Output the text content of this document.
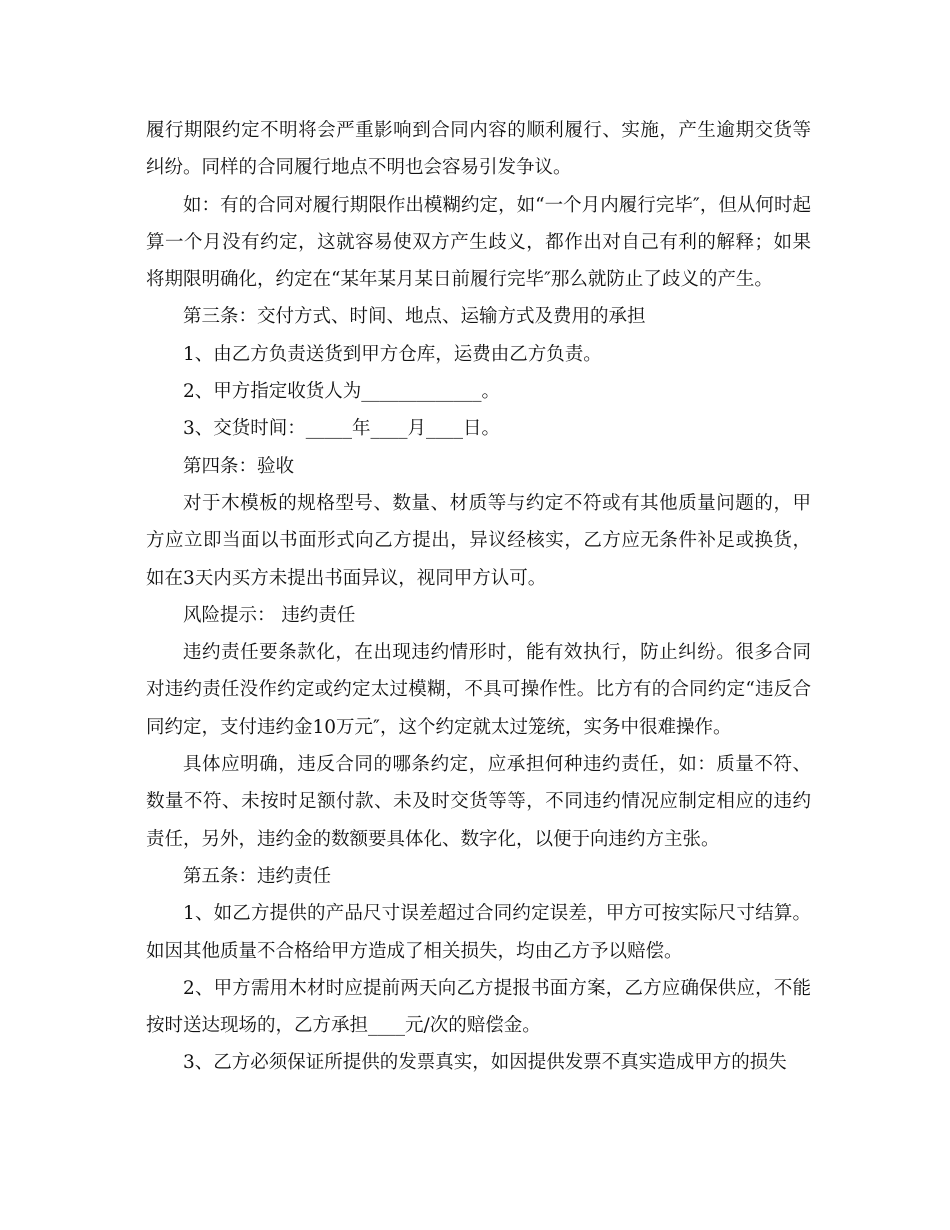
履行期限约定不明将会严重影响到合同内容的顺利履行、实施，产生逾期交货等纠纷。同样的合同履行地点不明也会容易引发争议。

如：有的合同对履行期限作出模糊约定，如“一个月内履行完毕″，但从何时起算一个月没有约定，这就容易使双方产生歧义，都作出对自己有利的解释；如果将期限明确化，约定在“某年某月某日前履行完毕″那么就防止了歧义的产生。

第三条：交付方式、时间、地点、运输方式及费用的承担

1、由乙方负责送货到甲方仓库，运费由乙方负责。

2、甲方指定收货人为_____________。

3、交货时间：_____年____月____日。

第四条：验收

对于木模板的规格型号、数量、材质等与约定不符或有其他质量问题的，甲方应立即当面以书面形式向乙方提出，异议经核实，乙方应无条件补足或换货，如在3天内买方未提出书面异议，视同甲方认可。

风险提示： 违约责任

违约责任要条款化，在出现违约情形时，能有效执行，防止纠纷。很多合同对违约责任没作约定或约定太过模糊，不具可操作性。比方有的合同约定“违反合同约定，支付违约金10万元″，这个约定就太过笼统，实务中很难操作。

具体应明确，违反合同的哪条约定，应承担何种违约责任，如：质量不符、数量不符、未按时足额付款、未及时交货等等，不同违约情况应制定相应的违约责任，另外，违约金的数额要具体化、数字化，以便于向违约方主张。

第五条：违约责任

1、如乙方提供的产品尺寸误差超过合同约定误差，甲方可按实际尺寸结算。如因其他质量不合格给甲方造成了相关损失，均由乙方予以赔偿。

2、甲方需用木材时应提前两天向乙方提报书面方案，乙方应确保供应，不能按时送达现场的，乙方承担____元/次的赔偿金。

3、乙方必须保证所提供的发票真实，如因提供发票不真实造成甲方的损失
